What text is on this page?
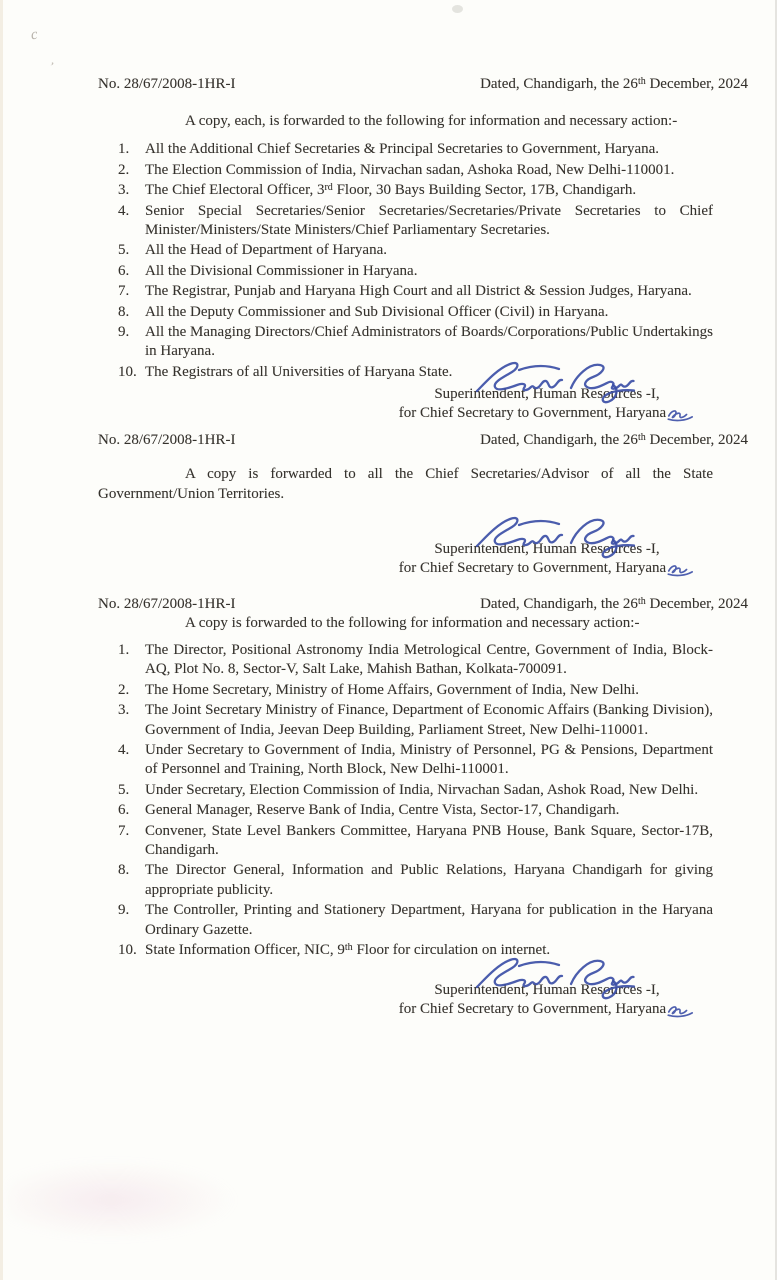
c
,
No. 28/67/2008-1HR-I	Dated, Chandigarh, the 26th December, 2024
A copy, each, is forwarded to the following for information and necessary action:-
1.	All the Additional Chief Secretaries & Principal Secretaries to Government, Haryana.
2.	The Election Commission of India, Nirvachan sadan, Ashoka Road, New Delhi-110001.
3.	The Chief Electoral Officer, 3rd Floor, 30 Bays Building Sector, 17B, Chandigarh.
4.	Senior Special Secretaries/Senior Secretaries/Secretaries/Private Secretaries to Chief Minister/Ministers/State Ministers/Chief Parliamentary Secretaries.
5.	All the Head of Department of Haryana.
6.	All the Divisional Commissioner in Haryana.
7.	The Registrar, Punjab and Haryana High Court and all District & Session Judges, Haryana.
8.	All the Deputy Commissioner and Sub Divisional Officer (Civil) in Haryana.
9.	All the Managing Directors/Chief Administrators of Boards/Corporations/Public Undertakings in Haryana.
10. The Registrars of all Universities of Haryana State.
Superintendent, Human Resources -I,
for Chief Secretary to Government, Haryana
No. 28/67/2008-1HR-I	Dated, Chandigarh, the 26th December, 2024
A copy is forwarded to all the Chief Secretaries/Advisor of all the State Government/Union Territories.
Superintendent, Human Resources -I,
for Chief Secretary to Government, Haryana
No. 28/67/2008-1HR-I	Dated, Chandigarh, the 26th December, 2024
A copy is forwarded to the following for information and necessary action:-
1.	The Director, Positional Astronomy India Metrological Centre, Government of India, Block-AQ, Plot No. 8, Sector-V, Salt Lake, Mahish Bathan, Kolkata-700091.
2.	The Home Secretary, Ministry of Home Affairs, Government of India, New Delhi.
3.	The Joint Secretary Ministry of Finance, Department of Economic Affairs (Banking Division), Government of India, Jeevan Deep Building, Parliament Street, New Delhi-110001.
4.	Under Secretary to Government of India, Ministry of Personnel, PG & Pensions, Department of Personnel and Training, North Block, New Delhi-110001.
5.	Under Secretary, Election Commission of India, Nirvachan Sadan, Ashok Road, New Delhi.
6.	General Manager, Reserve Bank of India, Centre Vista, Sector-17, Chandigarh.
7.	Convener, State Level Bankers Committee, Haryana PNB House, Bank Square, Sector-17B, Chandigarh.
8.	The Director General, Information and Public Relations, Haryana Chandigarh for giving appropriate publicity.
9.	The Controller, Printing and Stationery Department, Haryana for publication in the Haryana Ordinary Gazette.
10. State Information Officer, NIC, 9th Floor for circulation on internet.
Superintendent, Human Resources -I,
for Chief Secretary to Government, Haryana
